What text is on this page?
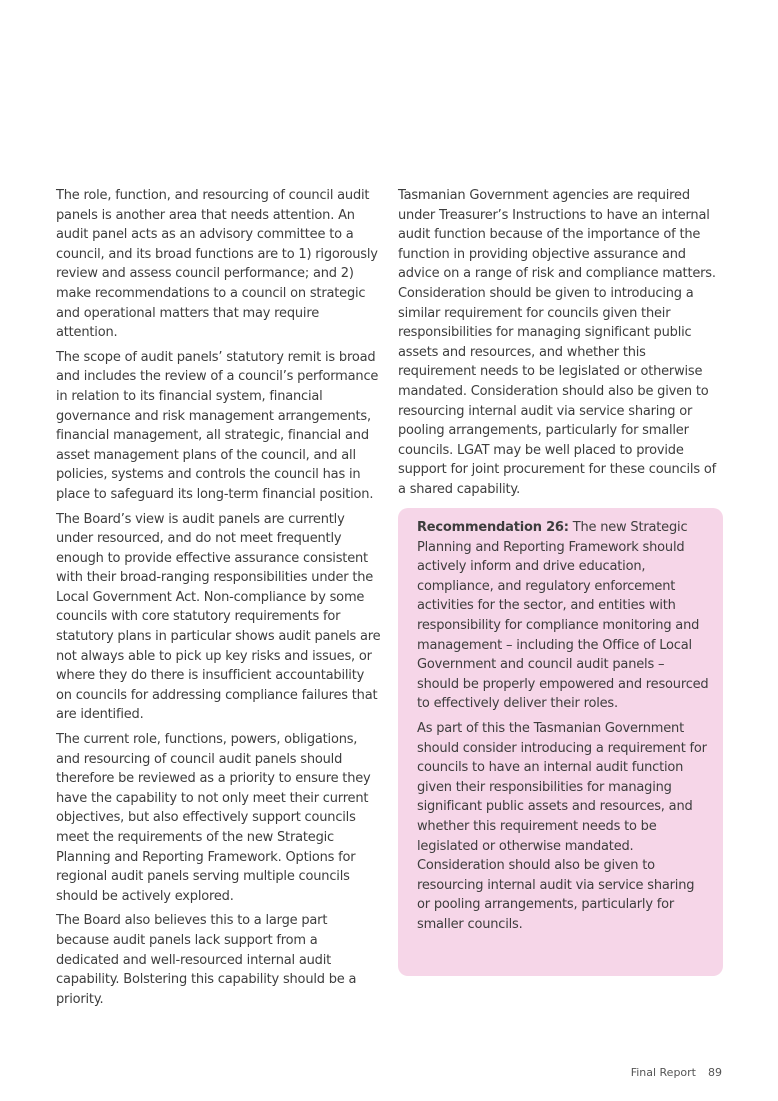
The role, function, and resourcing of council audit panels is another area that needs attention. An audit panel acts as an advisory committee to a council, and its broad functions are to 1) rigorously review and assess council performance; and 2) make recommendations to a council on strategic and operational matters that may require attention.

The scope of audit panels’ statutory remit is broad and includes the review of a council’s performance in relation to its financial system, financial governance and risk management arrangements, financial management, all strategic, financial and asset management plans of the council, and all policies, systems and controls the council has in place to safeguard its long-term financial position.

The Board’s view is audit panels are currently under resourced, and do not meet frequently enough to provide effective assurance consistent with their broad-ranging responsibilities under the Local Government Act. Non-compliance by some councils with core statutory requirements for statutory plans in particular shows audit panels are not always able to pick up key risks and issues, or where they do there is insufficient accountability on councils for addressing compliance failures that are identified.

The current role, functions, powers, obligations, and resourcing of council audit panels should therefore be reviewed as a priority to ensure they have the capability to not only meet their current objectives, but also effectively support councils meet the requirements of the new Strategic Planning and Reporting Framework. Options for regional audit panels serving multiple councils should be actively explored.

The Board also believes this to a large part because audit panels lack support from a dedicated and well-resourced internal audit capability. Bolstering this capability should be a priority.

Tasmanian Government agencies are required under Treasurer’s Instructions to have an internal audit function because of the importance of the function in providing objective assurance and advice on a range of risk and compliance matters. Consideration should be given to introducing a similar requirement for councils given their responsibilities for managing significant public assets and resources, and whether this requirement needs to be legislated or otherwise mandated. Consideration should also be given to resourcing internal audit via service sharing or pooling arrangements, particularly for smaller councils. LGAT may be well placed to provide support for joint procurement for these councils of a shared capability.

Recommendation 26: The new Strategic Planning and Reporting Framework should actively inform and drive education, compliance, and regulatory enforcement activities for the sector, and entities with responsibility for compliance monitoring and management – including the Office of Local Government and council audit panels – should be properly empowered and resourced to effectively deliver their roles.

As part of this the Tasmanian Government should consider introducing a requirement for councils to have an internal audit function given their responsibilities for managing significant public assets and resources, and whether this requirement needs to be legislated or otherwise mandated. Consideration should also be given to resourcing internal audit via service sharing or pooling arrangements, particularly for smaller councils.

Final Report 89
